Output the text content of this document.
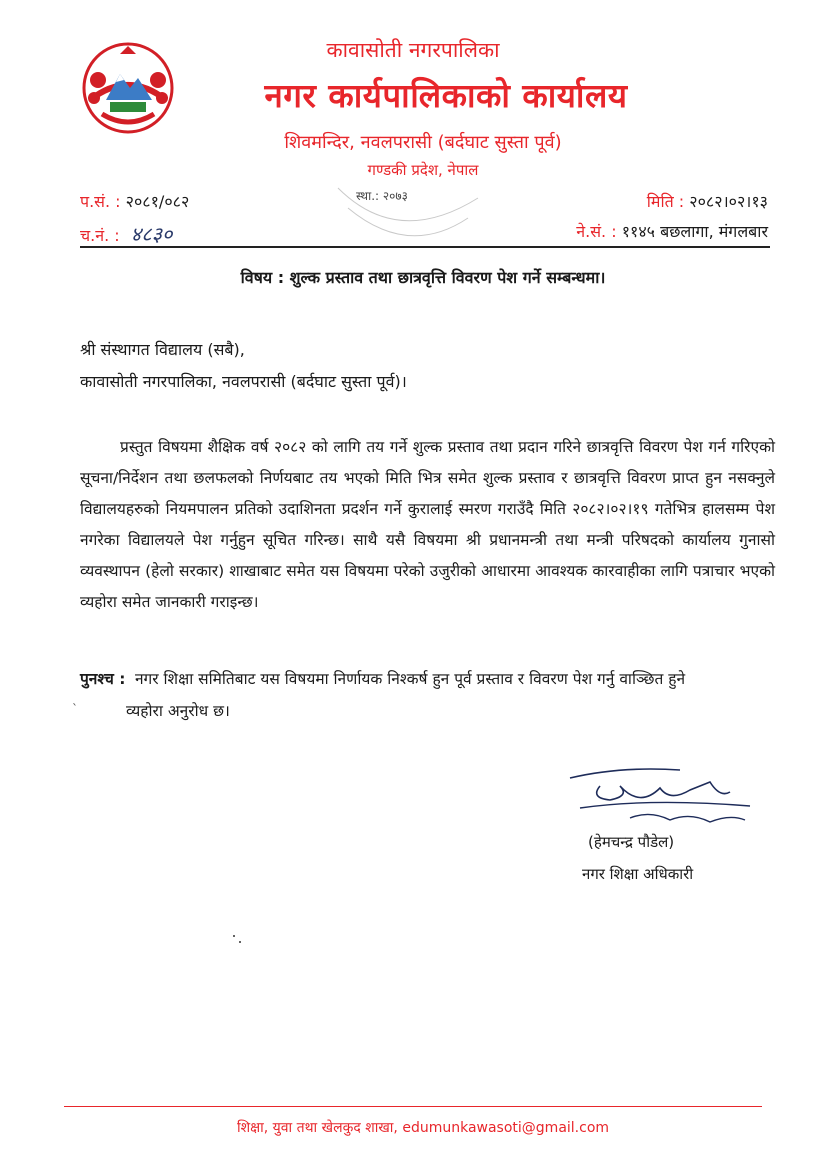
कावासोती नगरपालिका
नगर कार्यपालिकाको कार्यालय
शिवमन्दिर, नवलपरासी (बर्दघाट सुस्ता पूर्व)
गण्डकी प्रदेश, नेपाल
प.सं. : २०८१/०८२	मिति : २०८२।०२।१३
च.नं. : ४८३०	ने.सं. : ११४५ बछलागा, मंगलबार
स्था.: २०७३
विषय : शुल्क प्रस्ताव तथा छात्रवृत्ति विवरण पेश गर्ने सम्बन्धमा।
श्री संस्थागत विद्यालय (सबै),
कावासोती नगरपालिका, नवलपरासी (बर्दघाट सुस्ता पूर्व)।

प्रस्तुत विषयमा शैक्षिक वर्ष २०८२ को लागि तय गर्ने शुल्क प्रस्ताव तथा प्रदान गरिने छात्रवृत्ति विवरण पेश गर्न गरिएको सूचना/निर्देशन तथा छलफलको निर्णयबाट तय भएको मिति भित्र समेत शुल्क प्रस्ताव र छात्रवृत्ति विवरण प्राप्त हुन नसक्नुले विद्यालयहरुको नियमपालन प्रतिको उदाशिनता प्रदर्शन गर्ने कुरालाई स्मरण गराउँदै मिति २०८२।०२।१९ गतेभित्र हालसम्म पेश नगरेका विद्यालयले पेश गर्नुहुन सूचित गरिन्छ। साथै यसै विषयमा श्री प्रधानमन्त्री तथा मन्त्री परिषदको कार्यालय गुनासो व्यवस्थापन (हेलो सरकार) शाखाबाट समेत यस विषयमा परेको उजुरीको आधारमा आवश्यक कारवाहीका लागि पत्राचार भएको व्यहोरा समेत जानकारी गराइन्छ।

पुनश्च : नगर शिक्षा समितिबाट यस विषयमा निर्णायक निश्कर्ष हुन पूर्व प्रस्ताव र विवरण पेश गर्नु वाञ्छित हुने
व्यहोरा अनुरोध छ।
ˋ
(हेमचन्द्र पौडेल)
नगर शिक्षा अधिकारी
शिक्षा, युवा तथा खेलकुद शाखा, edumunkawasoti@gmail.com
